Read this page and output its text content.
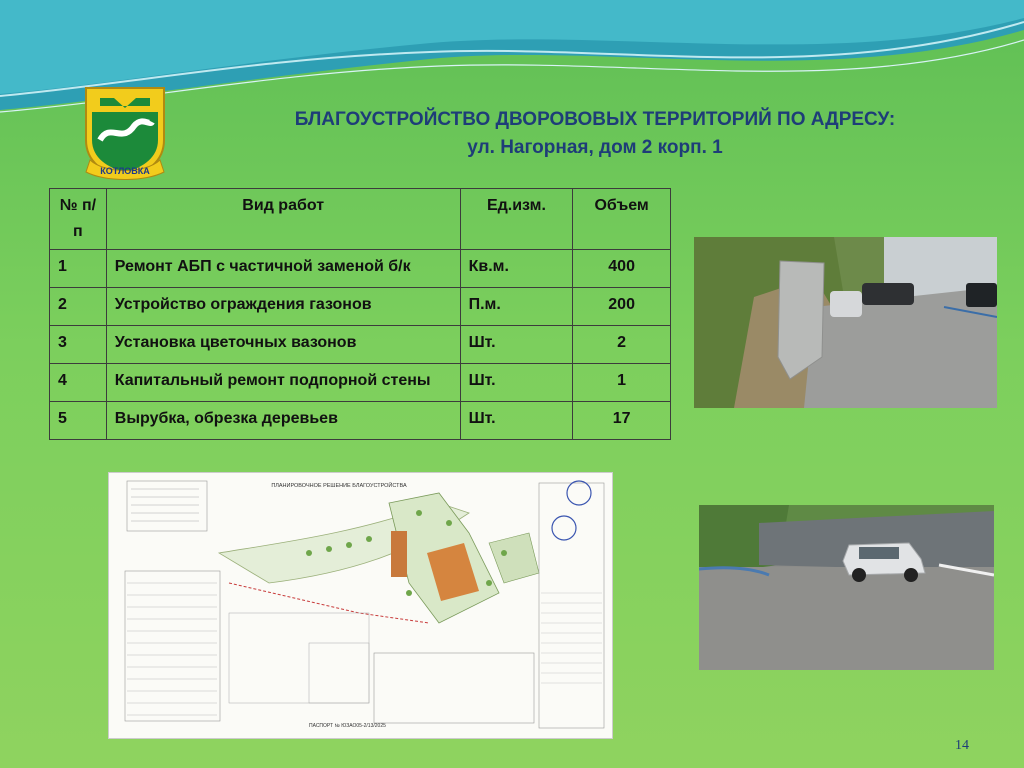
КОТЛОВКА
БЛАГОУСТРОЙСТВО ДВОРОВОВЫХ ТЕРРИТОРИЙ ПО АДРЕСУ:
ул. Нагорная, дом 2 корп. 1
№ п/п	Вид работ	Ед.изм.	Объем
1	Ремонт АБП с частичной заменой б/к	Кв.м.	400
2	Устройство ограждения газонов	П.м.	200
3	Установка цветочных вазонов	Шт.	2
4	Капитальный ремонт подпорной стены	Шт.	1
5	Вырубка, обрезка деревьев	Шт.	17
ПЛАНИРОВОЧНОЕ РЕШЕНИЕ БЛАГОУСТРОЙСТВА
ПАСПОРТ № ЮЗАО05-2/13/2025
14
